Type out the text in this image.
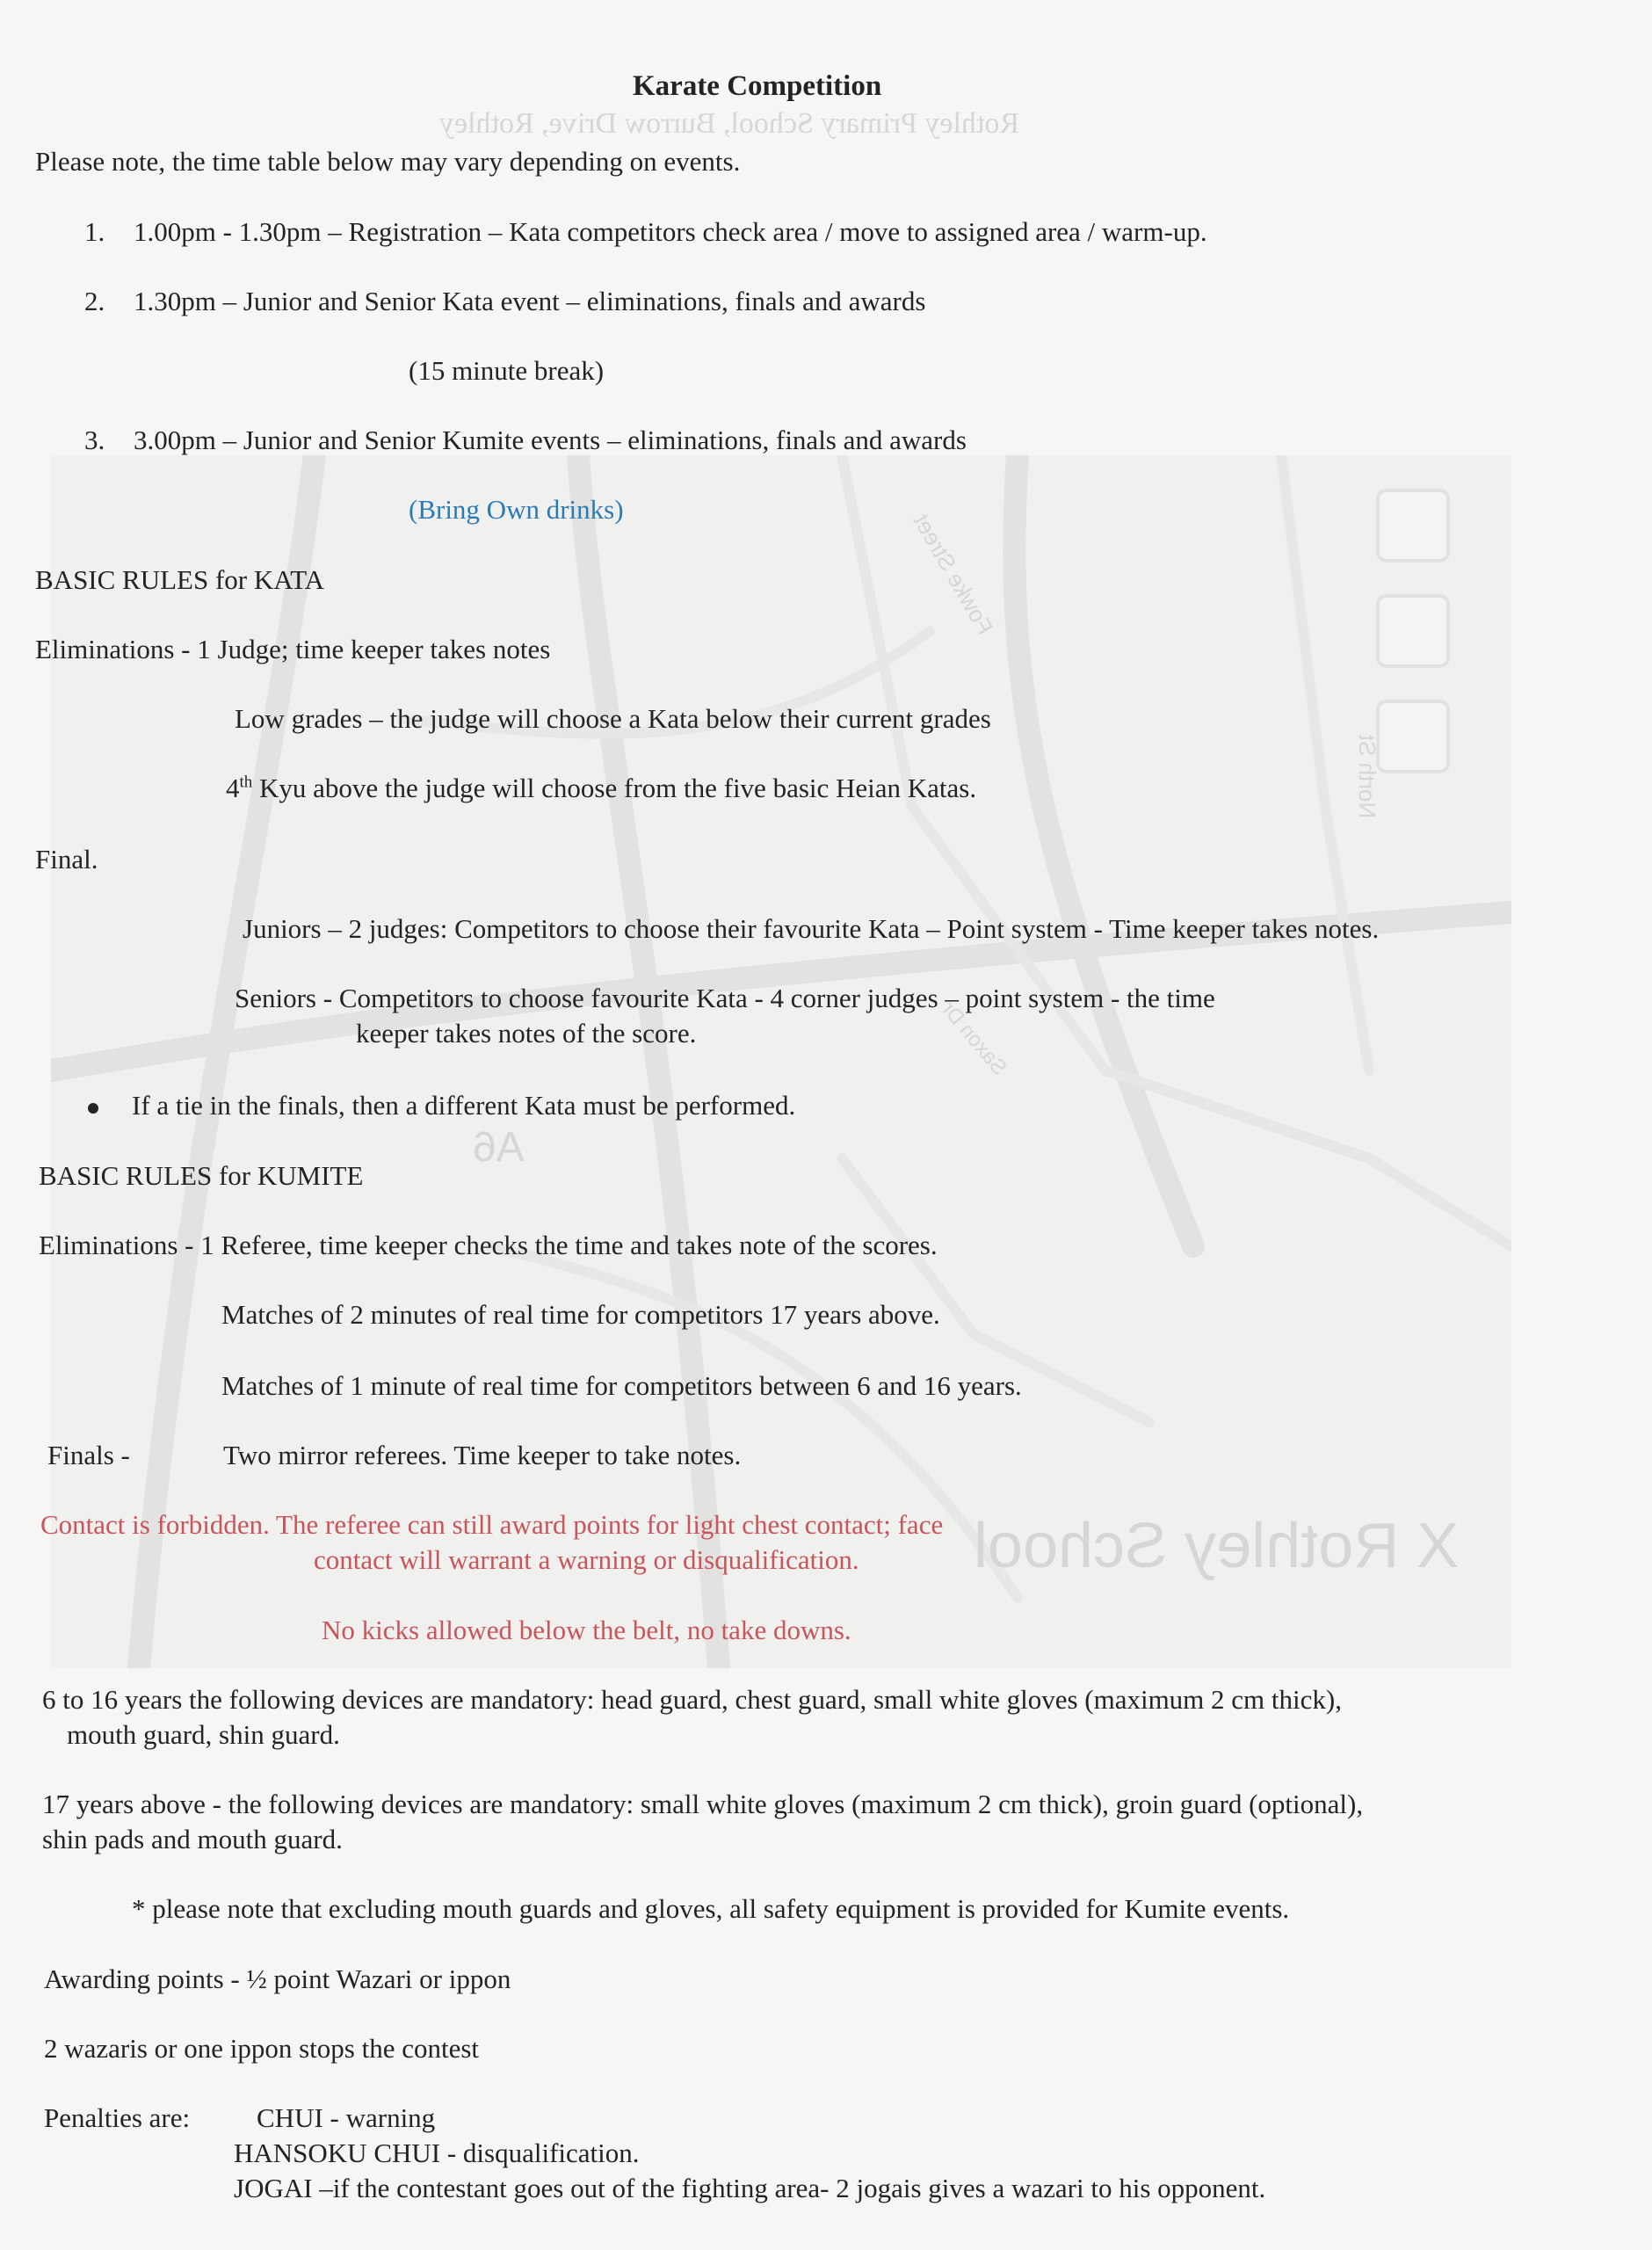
Rothley Primary School, Burrow Drive, Rothley
X Rothley School
Fowke Street
North St
Saxon Dr
A6
Karate Competition
Please note, the time table below may vary depending on events.
1. 1.00pm - 1.30pm – Registration – Kata competitors check area / move to assigned area / warm-up.
2. 1.30pm – Junior and Senior Kata event – eliminations, finals and awards
(15 minute break)
3. 3.00pm – Junior and Senior Kumite events – eliminations, finals and awards
(Bring Own drinks)
BASIC RULES for KATA
Eliminations - 1 Judge; time keeper takes notes
Low grades – the judge will choose a Kata below their current grades
4th Kyu above the judge will choose from the five basic Heian Katas.
Final.
Juniors – 2 judges: Competitors to choose their favourite Kata – Point system - Time keeper takes notes.
Seniors - Competitors to choose favourite Kata - 4 corner judges – point system - the time
keeper takes notes of the score.
If a tie in the finals, then a different Kata must be performed.
BASIC RULES for KUMITE
Eliminations - 1 Referee, time keeper checks the time and takes note of the scores.
Matches of 2 minutes of real time for competitors 17 years above.
Matches of 1 minute of real time for competitors between 6 and 16 years.
Finals -	Two mirror referees. Time keeper to take notes.
Contact is forbidden. The referee can still award points for light chest contact; face
contact will warrant a warning or disqualification.
No kicks allowed below the belt, no take downs.
6 to 16 years the following devices are mandatory: head guard, chest guard, small white gloves (maximum 2 cm thick),
mouth guard, shin guard.
17 years above - the following devices are mandatory: small white gloves (maximum 2 cm thick), groin guard (optional),
shin pads and mouth guard.
* please note that excluding mouth guards and gloves, all safety equipment is provided for Kumite events.
Awarding points - ½ point Wazari or ippon
2 wazaris or one ippon stops the contest
Penalties are: CHUI - warning
HANSOKU CHUI - disqualification.
JOGAI –if the contestant goes out of the fighting area- 2 jogais gives a wazari to his opponent.
